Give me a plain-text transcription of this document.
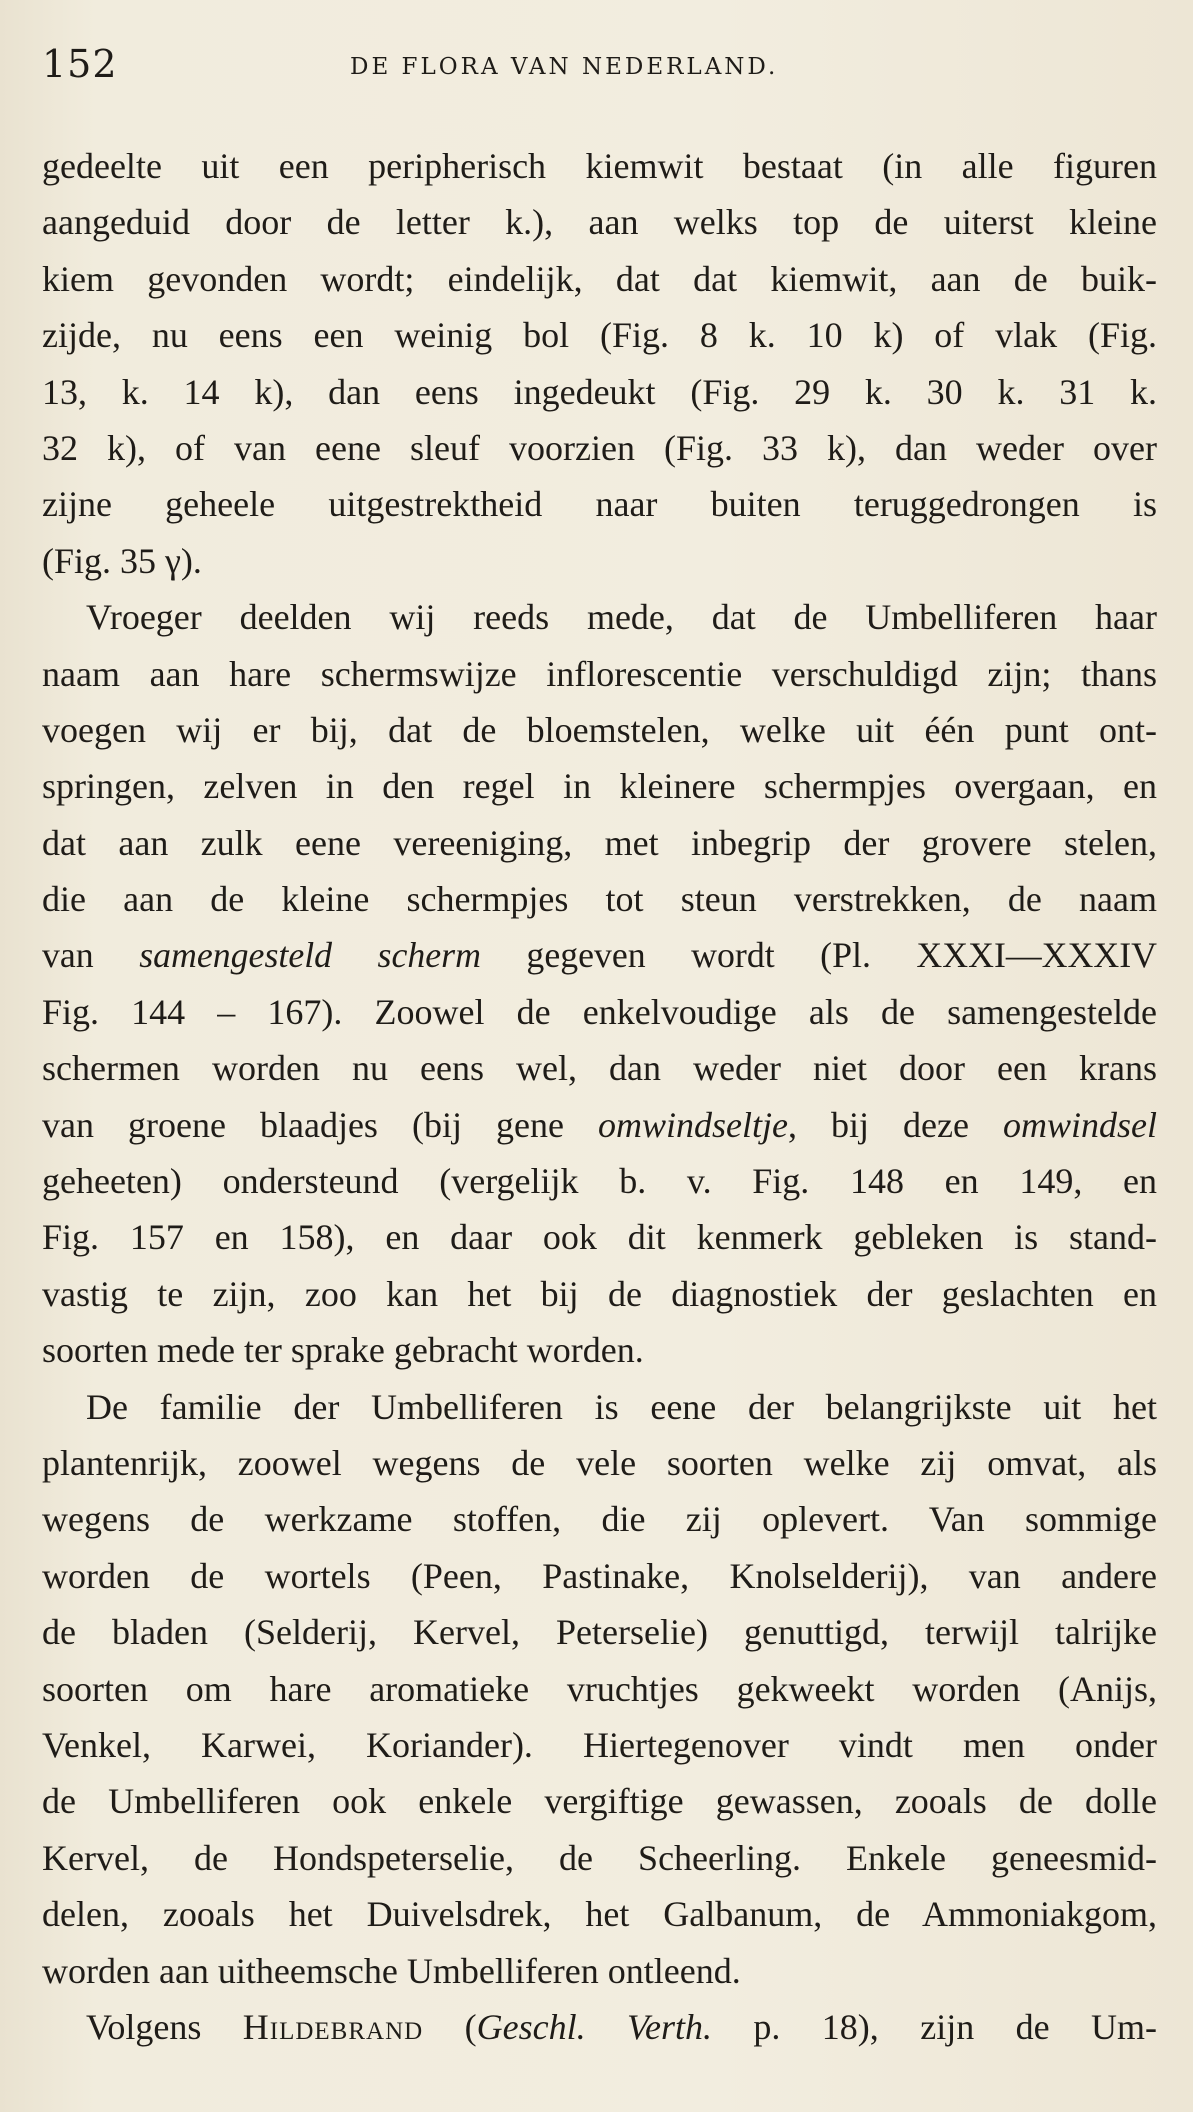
152	DE FLORA VAN NEDERLAND.
gedeelte uit een peripherisch kiemwit bestaat (in alle figuren
aangeduid door de letter k.), aan welks top de uiterst kleine
kiem gevonden wordt; eindelijk, dat dat kiemwit, aan de buik-
zijde, nu eens een weinig bol (Fig. 8 k. 10 k) of vlak (Fig.
13, k. 14 k), dan eens ingedeukt (Fig. 29 k. 30 k. 31 k.
32 k), of van eene sleuf voorzien (Fig. 33 k), dan weder over
zijne geheele uitgestrektheid naar buiten teruggedrongen is
(Fig. 35 γ).
Vroeger deelden wij reeds mede, dat de Umbelliferen haar
naam aan hare schermswijze inflorescentie verschuldigd zijn; thans
voegen wij er bij, dat de bloemstelen, welke uit één punt ont-
springen, zelven in den regel in kleinere schermpjes overgaan, en
dat aan zulk eene vereeniging, met inbegrip der grovere stelen,
die aan de kleine schermpjes tot steun verstrekken, de naam
van samengesteld scherm gegeven wordt (Pl. XXXI—XXXIV
Fig. 144 – 167). Zoowel de enkelvoudige als de samengestelde
schermen worden nu eens wel, dan weder niet door een krans
van groene blaadjes (bij gene omwindseltje, bij deze omwindsel
geheeten) ondersteund (vergelijk b. v. Fig. 148 en 149, en
Fig. 157 en 158), en daar ook dit kenmerk gebleken is stand-
vastig te zijn, zoo kan het bij de diagnostiek der geslachten en
soorten mede ter sprake gebracht worden.
De familie der Umbelliferen is eene der belangrijkste uit het
plantenrijk, zoowel wegens de vele soorten welke zij omvat, als
wegens de werkzame stoffen, die zij oplevert. Van sommige
worden de wortels (Peen, Pastinake, Knolselderij), van andere
de bladen (Selderij, Kervel, Peterselie) genuttigd, terwijl talrijke
soorten om hare aromatieke vruchtjes gekweekt worden (Anijs,
Venkel, Karwei, Koriander). Hiertegenover vindt men onder
de Umbelliferen ook enkele vergiftige gewassen, zooals de dolle
Kervel, de Hondspeterselie, de Scheerling. Enkele geneesmid-
delen, zooals het Duivelsdrek, het Galbanum, de Ammoniakgom,
worden aan uitheemsche Umbelliferen ontleend.
Volgens Hildebrand (Geschl. Verth. p. 18), zijn de Um-
